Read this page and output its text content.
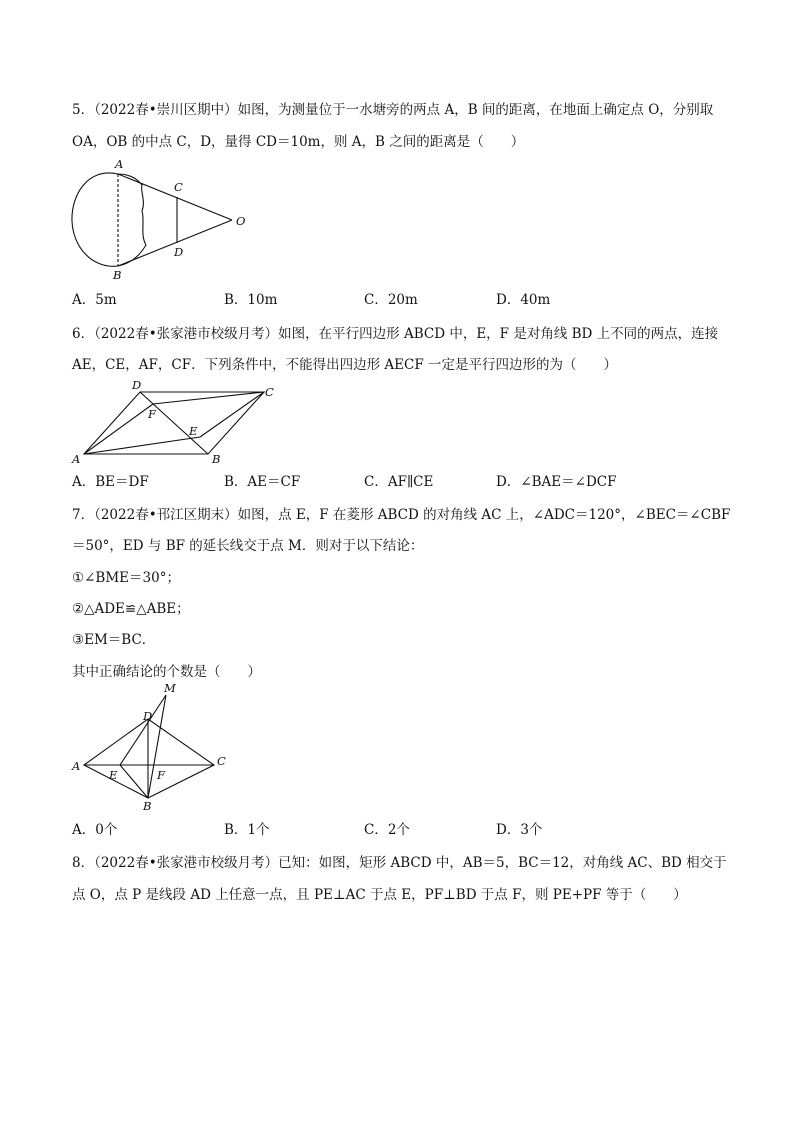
5．（2022春•崇川区期中）如图，为测量位于一水塘旁的两点 A，B 间的距离，在地面上确定点 O，分别取
OA，OB 的中点 C，D，量得 CD＝10m，则 A，B 之间的距离是（　　）
A
B
C
D
O
A．5m	B．10m	C．20m	D．40m
6．（2022春•张家港市校级月考）如图，在平行四边形 ABCD 中，E，F 是对角线 BD 上不同的两点，连接
AE，CE，AF，CF．下列条件中，不能得出四边形 AECF 一定是平行四边形的为（　　）
D	C
F
E
A	B
A．BE＝DF	B．AE＝CF	C．AF∥CE	D．∠BAE＝∠DCF
7．（2022春•邗江区期末）如图，点 E，F 在菱形 ABCD 的对角线 AC 上，∠ADC＝120°，∠BEC＝∠CBF
＝50°，ED 与 BF 的延长线交于点 M．则对于以下结论：
①∠BME＝30°；
②△ADE≌△ABE；
③EM＝BC．
其中正确结论的个数是（　　）
M
D
A
E	F
C
B
A．0个	B．1个	C．2个	D．3个
8．（2022春•张家港市校级月考）已知：如图，矩形 ABCD 中，AB＝5，BC＝12，对角线 AC、BD 相交于
点 O，点 P 是线段 AD 上任意一点，且 PE⊥AC 于点 E，PF⊥BD 于点 F，则 PE+PF 等于（　　）
